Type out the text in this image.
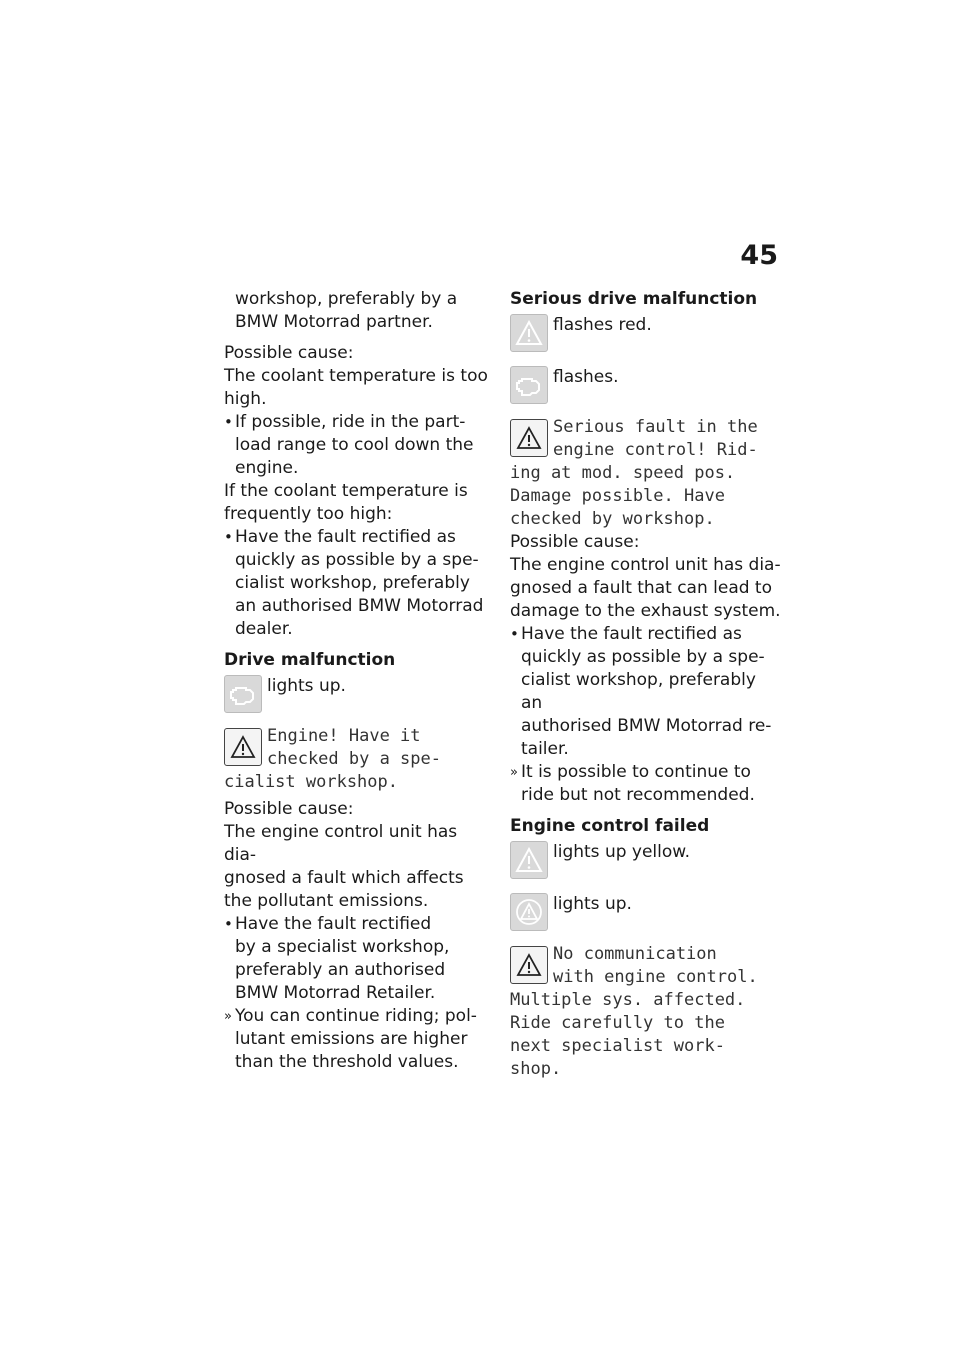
45

workshop, preferably by a

BMW Motorrad partner.

Possible cause:

The coolant temperature is too

high.

• If possible, ride in the part-

load range to cool down the

engine.

If the coolant temperature is

frequently too high:

• Have the fault rectified as

quickly as possible by a spe-

cialist workshop, preferably

an authorised BMW Motorrad

dealer.

Drive malfunction

lights up.

Engine! Have it

checked by a spe-

cialist workshop.

Possible cause:

The engine control unit has dia-

gnosed a fault which affects

the pollutant emissions.

• Have the fault rectified

by a specialist workshop,

preferably an authorised

BMW Motorrad Retailer.

» You can continue riding; pol-

lutant emissions are higher

than the threshold values.

Serious drive malfunction

flashes red.

flashes.

Serious fault in the

engine control! Rid-

ing at mod. speed pos.

Damage possible. Have

checked by workshop.

Possible cause:

The engine control unit has dia-

gnosed a fault that can lead to

damage to the exhaust system.

• Have the fault rectified as

quickly as possible by a spe-

cialist workshop, preferably an

authorised BMW Motorrad re-

tailer.

» It is possible to continue to

ride but not recommended.

Engine control failed

lights up yellow.

lights up.

No communication

with engine control.

Multiple sys. affected.

Ride carefully to the

next specialist work-

shop.
